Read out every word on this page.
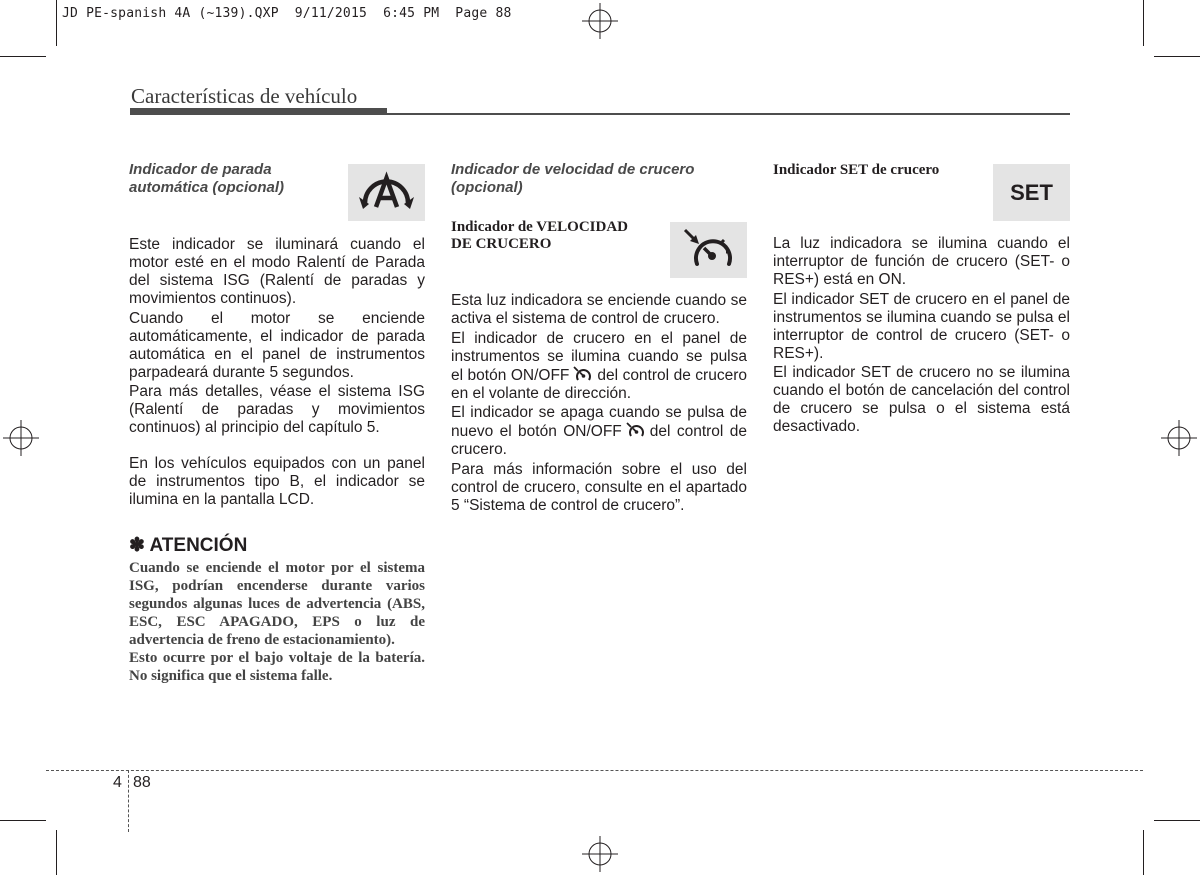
JD PE-spanish 4A (~139).QXP  9/11/2015  6:45 PM  Page 88
Características de vehículo
Indicador de parada
automática (opcional)

Este indicador se iluminará cuando el motor esté en el modo Ralentí de Parada del sistema ISG (Ralentí de paradas y movimientos continuos).

Cuando el motor se enciende automáticamente, el indicador de parada automática en el panel de instrumentos parpadeará durante 5 segundos.

Para más detalles, véase el sistema ISG (Ralentí de paradas y movimientos continuos) al principio del capítulo 5.

En los vehículos equipados con un panel de instrumentos tipo B, el indicador se ilumina en la pantalla LCD.

✽ ATENCIÓN

Cuando se enciende el motor por el sistema ISG, podrían encenderse durante varios segundos algunas luces de advertencia (ABS, ESC, ESC APAGADO, EPS o luz de advertencia de freno de estacionamiento).

Esto ocurre por el bajo voltaje de la batería. No significa que el sistema falle.

Indicador de velocidad de crucero
(opcional)
Indicador de VELOCIDAD
DE CRUCERO

Esta luz indicadora se enciende cuando se activa el sistema de control de crucero.

El indicador de crucero en el panel de instrumentos se ilumina cuando se pulsa el botón ON/OFF del control de crucero en el volante de dirección.

El indicador se apaga cuando se pulsa de nuevo el botón ON/OFF del control de crucero.

Para más información sobre el uso del control de crucero, consulte en el apartado 5 “Sistema de control de crucero”.

Indicador SET de crucero
SET

La luz indicadora se ilumina cuando el interruptor de función de crucero (SET- o RES+) está en ON.

El indicador SET de crucero en el panel de instrumentos se ilumina cuando se pulsa el interruptor de control de crucero (SET- o RES+).

El indicador SET de crucero no se ilumina cuando el botón de cancelación del control de crucero se pulsa o el sistema está desactivado.

4 88
